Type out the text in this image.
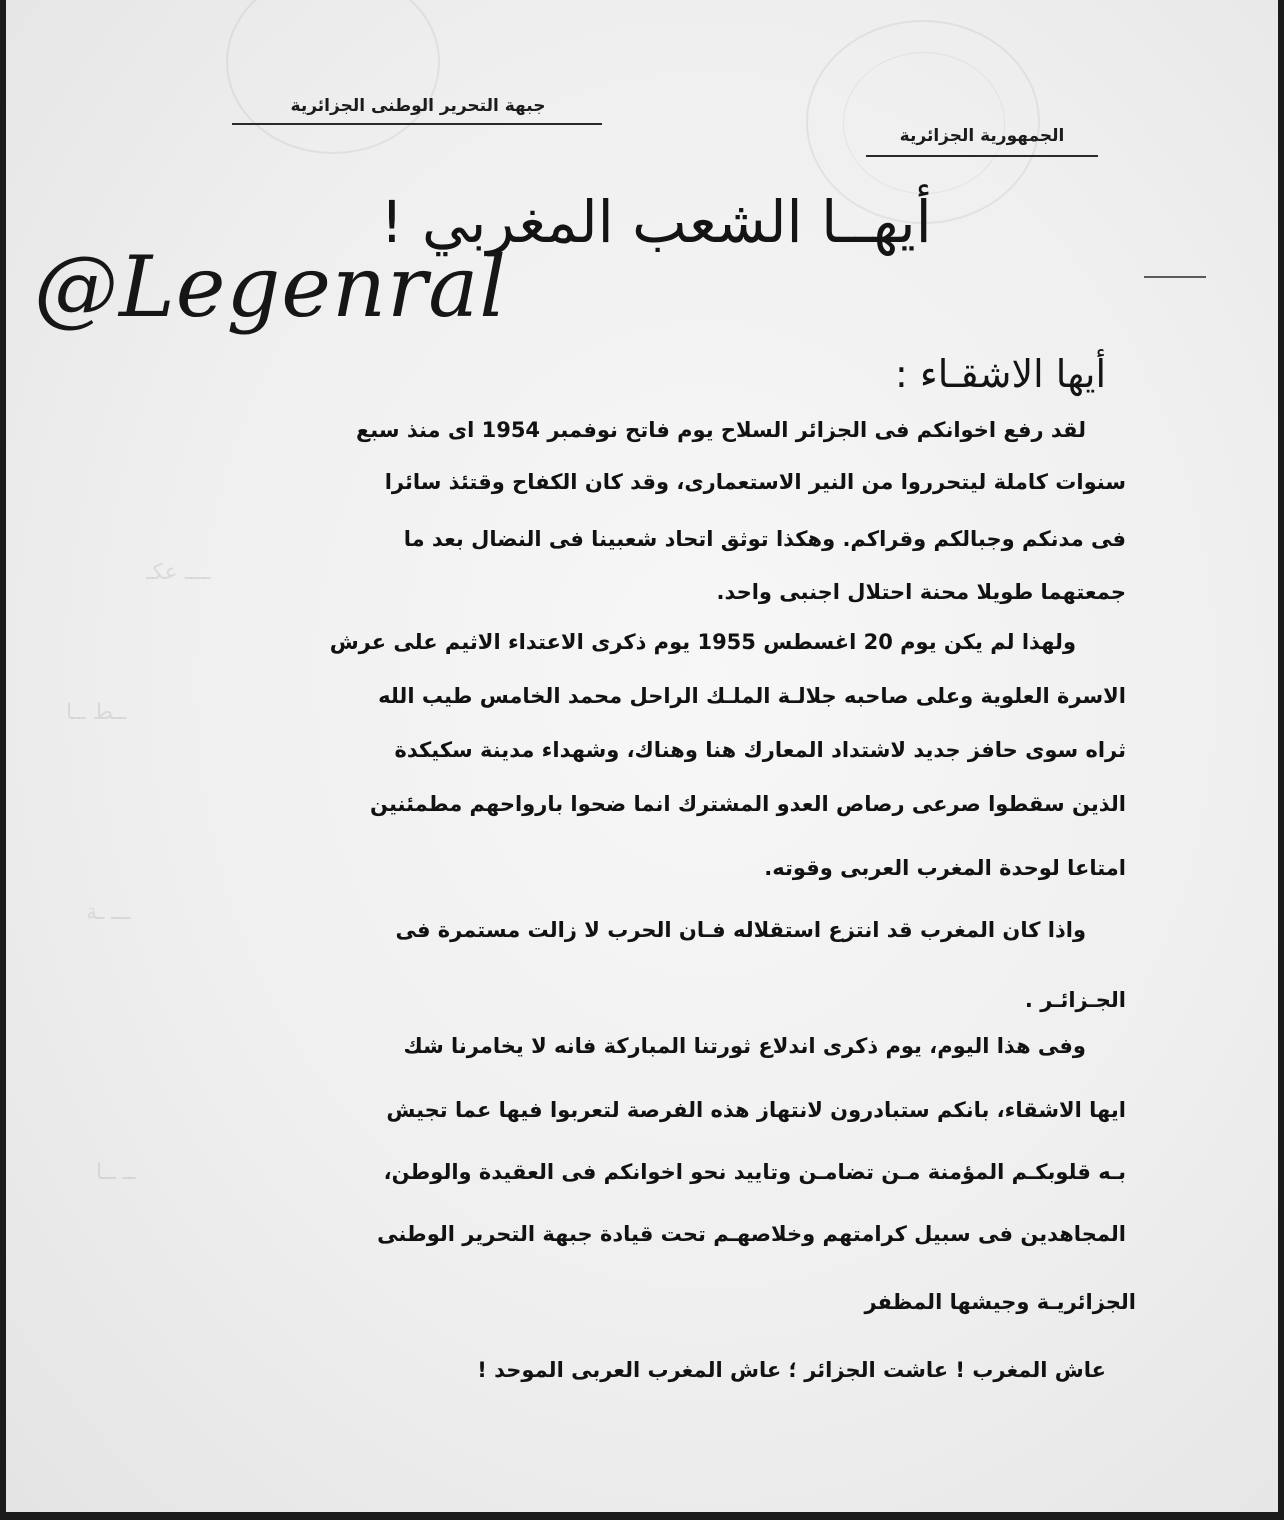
ــــ عكـ
ــط ــا
ـــ ـة
ــ ــا
جبهة التحرير الوطنى الجزائرية
الجمهورية الجزائرية
أيهــا الشعب المغربي !
أيها الاشقـاء :
لقد رفع اخوانكم فى الجزائر السلاح يوم فاتح نوفمبر 1954 اى منذ سبع
سنوات كاملة ليتحرروا من النير الاستعمارى، وقد كان الكفاح وقتئذ سائرا
فى مدنكم وجبالكم وقراكم. وهكذا توثق اتحاد شعبينا فى النضال بعد ما
جمعتهما طويلا محنة احتلال اجنبى واحد.
ولهذا لم يكن يوم 20 اغسطس 1955 يوم ذكرى الاعتداء الاثيم على عرش
الاسرة العلوية وعلى صاحبه جلالـة الملـك الراحل محمد الخامس طيب الله
ثراه سوى حافز جديد لاشتداد المعارك هنا وهناك، وشهداء مدينة سكيكدة
الذين سقطوا صرعى رصاص العدو المشترك انما ضحوا بارواحهم مطمئنين
امتاعا لوحدة المغرب العربى وقوته.
واذا كان المغرب قد انتزع استقلاله فـان الحرب لا زالت مستمرة فى
الجـزائـر .
وفى هذا اليوم، يوم ذكرى اندلاع ثورتنا المباركة فانه لا يخامرنا شك
ايها الاشقاء، بانكم ستبادرون لانتهاز هذه الفرصة لتعربوا فيها عما تجيش
بـه قلوبكـم المؤمنة مـن تضامـن وتاييد نحو اخوانكم فى العقيدة والوطن،
المجاهدين فى سبيل كرامتهم وخلاصهـم تحت قيادة جبهة التحرير الوطنى
الجزائريـة وجيشها المظفر
عاش المغرب ! عاشت الجزائر ؛ عاش المغرب العربى الموحد !
@Legenral
